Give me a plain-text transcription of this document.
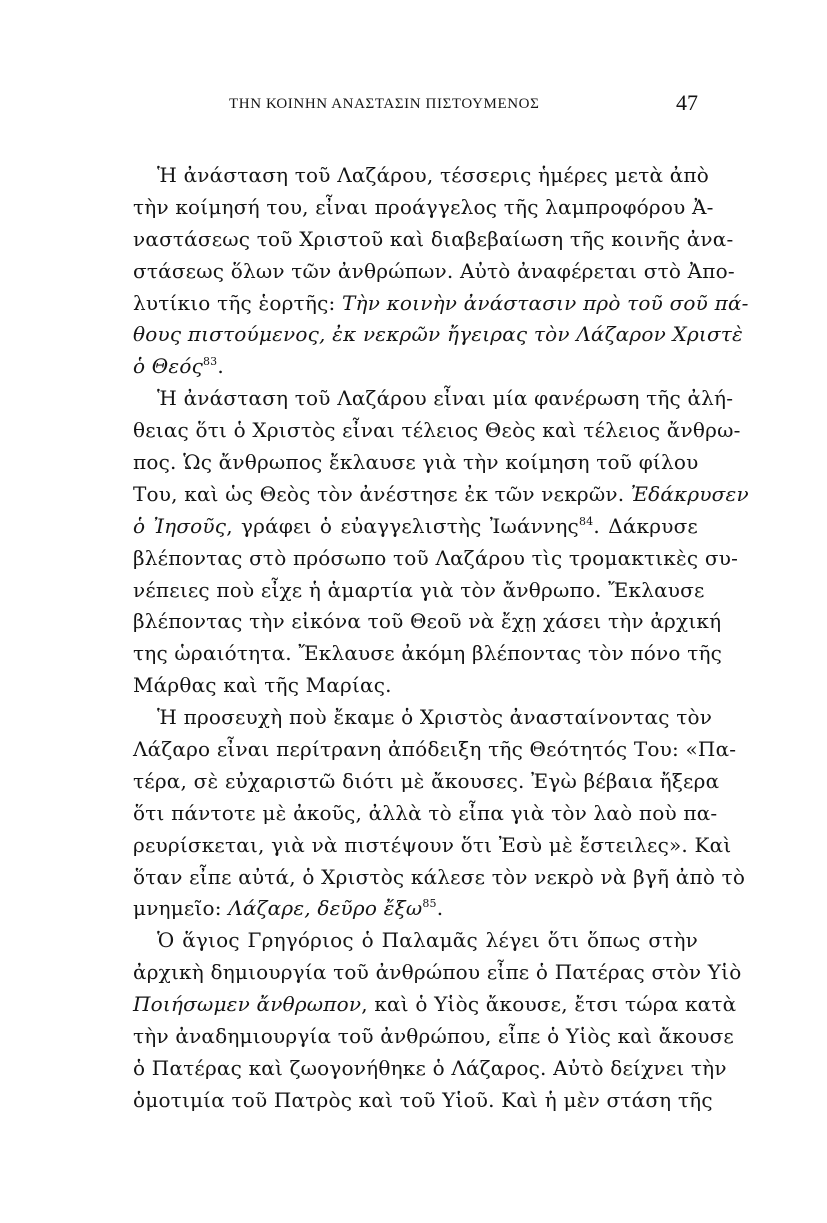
ΤΗΝ ΚΟΙΝΗΝ ΑΝΑΣΤΑΣΙΝ ΠΙΣΤΟΥΜΕΝΟΣ	47
Ἡ ἀνάσταση τοῦ Λαζάρου, τέσσερις ἡμέρες μετὰ ἀπὸ
τὴν κοίμησή του, εἶναι προάγγελος τῆς λαμπροφόρου Ἀ-
ναστάσεως τοῦ Χριστοῦ καὶ διαβεβαίωση τῆς κοινῆς ἀνα-
στάσεως ὅλων τῶν ἀνθρώπων. Αὐτὸ ἀναφέρεται στὸ Ἀπο-
λυτίκιο τῆς ἑορτῆς: Τὴν κοινὴν ἀνάστασιν πρὸ τοῦ σοῦ πά-
θους πιστούμενος, ἐκ νεκρῶν ἤγειρας τὸν Λάζαρον Χριστὲ
ὁ Θεός$^{83}$.
Ἡ ἀνάσταση τοῦ Λαζάρου εἶναι μία φανέρωση τῆς ἀλή-
θειας ὅτι ὁ Χριστὸς εἶναι τέλειος Θεὸς καὶ τέλειος ἄνθρω-
πος. Ὡς ἄνθρωπος ἔκλαυσε γιὰ τὴν κοίμηση τοῦ φίλου
Του, καὶ ὡς Θεὸς τὸν ἀνέστησε ἐκ τῶν νεκρῶν. Ἐδάκρυσεν
ὁ Ἰησοῦς, γράφει ὁ εὐαγγελιστὴς Ἰωάννης$^{84}$. Δάκρυσε
βλέποντας στὸ πρόσωπο τοῦ Λαζάρου τὶς τρομακτικὲς συ-
νέπειες ποὺ εἶχε ἡ ἁμαρτία γιὰ τὸν ἄνθρωπο. Ἔκλαυσε
βλέποντας τὴν εἰκόνα τοῦ Θεοῦ νὰ ἔχῃ χάσει τὴν ἀρχική
της ὡραιότητα. Ἔκλαυσε ἀκόμη βλέποντας τὸν πόνο τῆς
Μάρθας καὶ τῆς Μαρίας.
Ἡ προσευχὴ ποὺ ἔκαμε ὁ Χριστὸς ἀνασταίνοντας τὸν
Λάζαρο εἶναι περίτρανη ἀπόδειξη τῆς Θεότητός Του: «Πα-
τέρα, σὲ εὐχαριστῶ διότι μὲ ἄκουσες. Ἐγὼ βέβαια ἤξερα
ὅτι πάντοτε μὲ ἀκοῦς, ἀλλὰ τὸ εἶπα γιὰ τὸν λαὸ ποὺ πα-
ρευρίσκεται, γιὰ νὰ πιστέψουν ὅτι Ἐσὺ μὲ ἔστειλες». Καὶ
ὅταν εἶπε αὐτά, ὁ Χριστὸς κάλεσε τὸν νεκρὸ νὰ βγῆ ἀπὸ τὸ
μνημεῖο: Λάζαρε, δεῦρο ἔξω$^{85}$.
Ὁ ἅγιος Γρηγόριος ὁ Παλαμᾶς λέγει ὅτι ὅπως στὴν
ἀρχικὴ δημιουργία τοῦ ἀνθρώπου εἶπε ὁ Πατέρας στὸν Υἱὸ
Ποιήσωμεν ἄνθρωπον, καὶ ὁ Υἱὸς ἄκουσε, ἔτσι τώρα κατὰ
τὴν ἀναδημιουργία τοῦ ἀνθρώπου, εἶπε ὁ Υἱὸς καὶ ἄκουσε
ὁ Πατέρας καὶ ζωογονήθηκε ὁ Λάζαρος. Αὐτὸ δείχνει τὴν
ὁμοτιμία τοῦ Πατρὸς καὶ τοῦ Υἱοῦ. Καὶ ἡ μὲν στάση τῆς
